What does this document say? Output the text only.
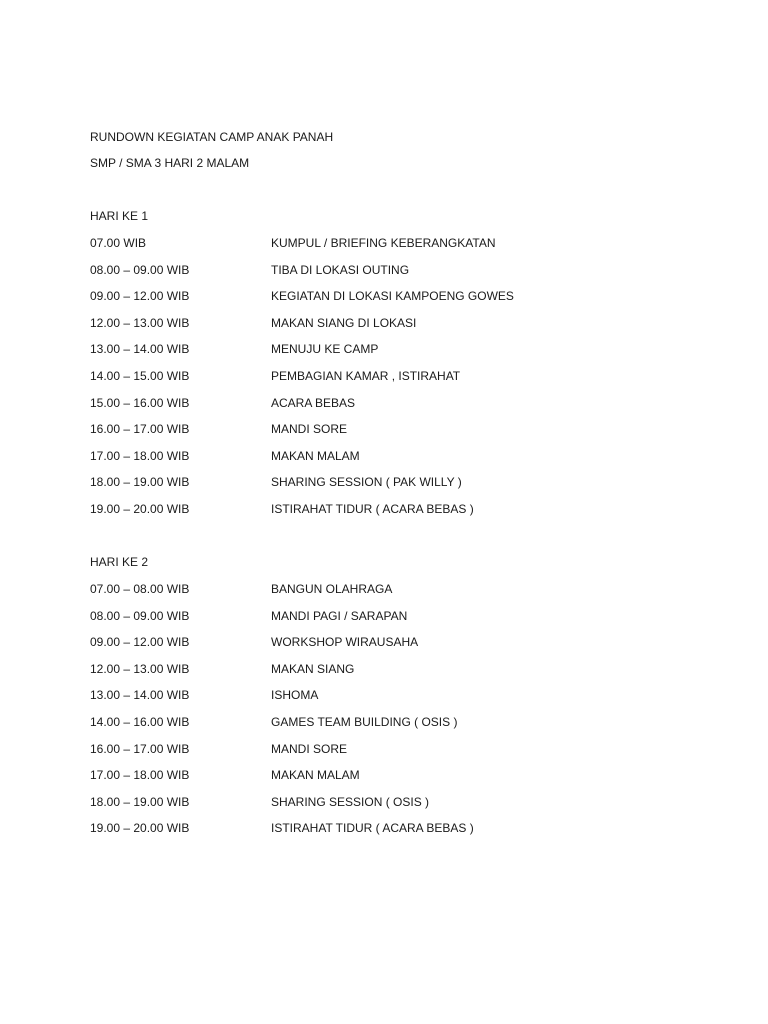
RUNDOWN KEGIATAN CAMP ANAK PANAH
SMP / SMA 3 HARI 2 MALAM
HARI KE 1
07.00 WIB	KUMPUL / BRIEFING KEBERANGKATAN
08.00 – 09.00 WIB	TIBA DI LOKASI OUTING
09.00 – 12.00 WIB	KEGIATAN DI LOKASI KAMPOENG GOWES
12.00 – 13.00 WIB	MAKAN SIANG DI LOKASI
13.00 – 14.00 WIB	MENUJU KE CAMP
14.00 – 15.00 WIB	PEMBAGIAN KAMAR , ISTIRAHAT
15.00 – 16.00 WIB	ACARA BEBAS
16.00 – 17.00 WIB	MANDI SORE
17.00 – 18.00 WIB	MAKAN MALAM
18.00 – 19.00 WIB	SHARING SESSION ( PAK WILLY )
19.00 – 20.00 WIB	ISTIRAHAT TIDUR ( ACARA BEBAS )
HARI KE 2
07.00 – 08.00 WIB	BANGUN OLAHRAGA
08.00 – 09.00 WIB	MANDI PAGI / SARAPAN
09.00 – 12.00 WIB	WORKSHOP WIRAUSAHA
12.00 – 13.00 WIB	MAKAN SIANG
13.00 – 14.00 WIB	ISHOMA
14.00 – 16.00 WIB	GAMES TEAM BUILDING ( OSIS )
16.00 – 17.00 WIB	MANDI SORE
17.00 – 18.00 WIB	MAKAN MALAM
18.00 – 19.00 WIB	SHARING SESSION ( OSIS )
19.00 – 20.00 WIB	ISTIRAHAT TIDUR ( ACARA BEBAS )
